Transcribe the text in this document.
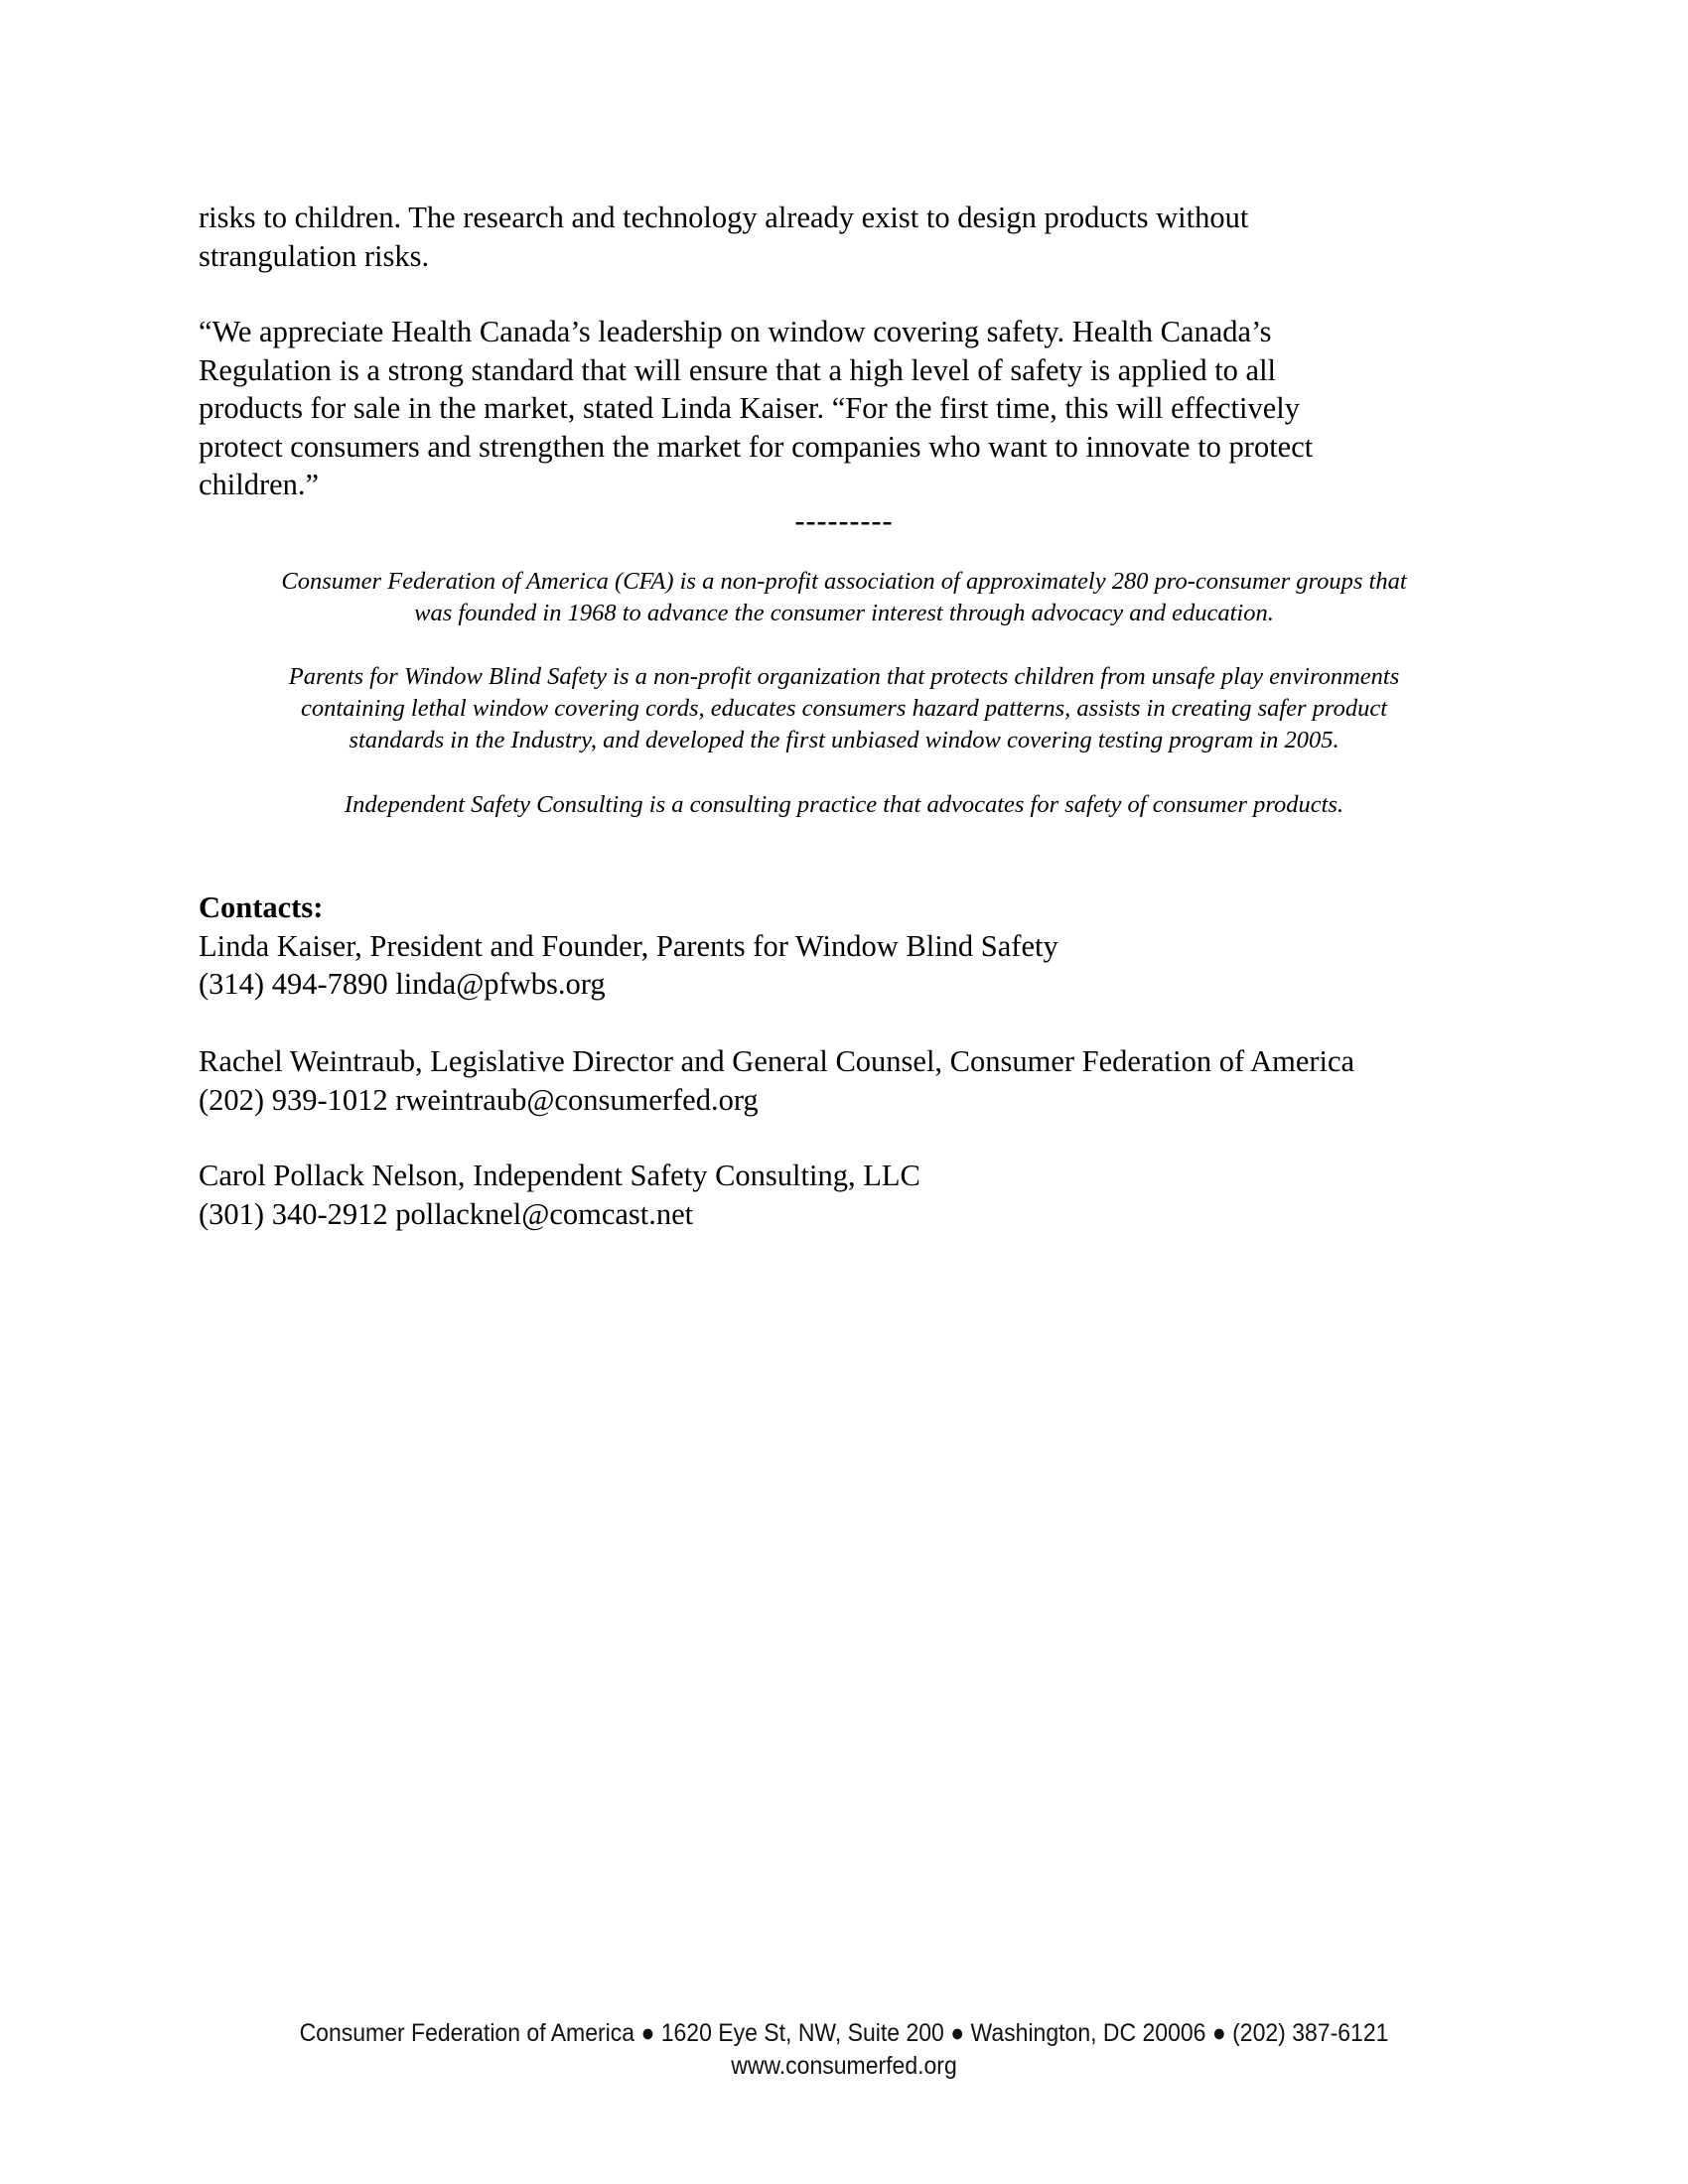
risks to children. The research and technology already exist to design products without
strangulation risks.

“We appreciate Health Canada’s leadership on window covering safety. Health Canada’s
Regulation is a strong standard that will ensure that a high level of safety is applied to all
products for sale in the market, stated Linda Kaiser. “For the first time, this will effectively
protect consumers and strengthen the market for companies who want to innovate to protect
children.”

---------

Consumer Federation of America (CFA) is a non-profit association of approximately 280 pro-consumer groups that
was founded in 1968 to advance the consumer interest through advocacy and education.

Parents for Window Blind Safety is a non-profit organization that protects children from unsafe play environments
containing lethal window covering cords, educates consumers hazard patterns, assists in creating safer product
standards in the Industry, and developed the first unbiased window covering testing program in 2005.

Independent Safety Consulting is a consulting practice that advocates for safety of consumer products.

Contacts:
Linda Kaiser, President and Founder, Parents for Window Blind Safety
(314) 494-7890 linda@pfwbs.org
Rachel Weintraub, Legislative Director and General Counsel, Consumer Federation of America
(202) 939-1012 rweintraub@consumerfed.org
Carol Pollack Nelson, Independent Safety Consulting, LLC
(301) 340-2912 pollacknel@comcast.net
Consumer Federation of America ● 1620 Eye St, NW, Suite 200 ● Washington, DC 20006 ● (202) 387-6121
www.consumerfed.org
